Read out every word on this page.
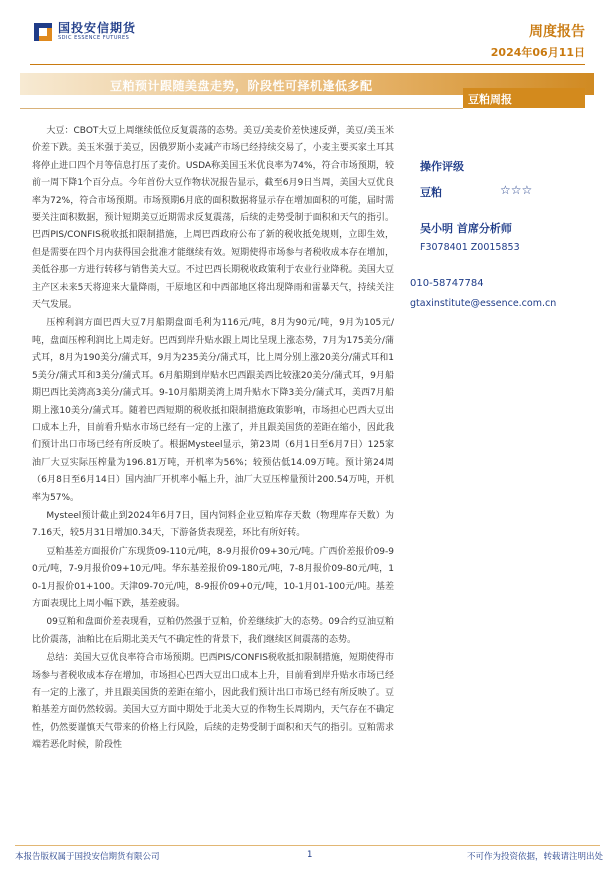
国投安信期货
SDIC ESSENCE FUTURES	周度报告
2024年06月11日
豆粕预计跟随美盘走势，阶段性可择机逢低多配
豆粕周报

大豆：CBOT大豆上周继续低位反复震荡的态势。美豆/美麦价差快速反弹，美豆/美玉米价差下跌。美玉米强于美豆，因俄罗斯小麦减产市场已经持续交易了，小麦主要买家土耳其将停止进口四个月等信息打压了麦价。USDA称美国玉米优良率为74%，符合市场预期，较前一周下降1个百分点。今年首份大豆作物状况报告显示，截至6月9日当周，美国大豆优良率为72%，符合市场预期。市场预期6月底的面积数据将显示存在增加面积的可能，届时需要关注面积数据，预计短期美豆近期需求反复震荡，后续的走势受制于面积和天气的指引。巴西PIS/CONFIS税收抵扣限制措施，上周巴西政府公布了新的税收抵免规则，立即生效，但是需要在四个月内获得国会批准才能继续有效。短期使得市场参与者税收成本存在增加，美低谷那一方进行转移与销售美大豆。不过巴西长期税收政策利于农业行业降税。美国大豆主产区未来5天将迎来大量降雨，干原地区和中西部地区将出现降雨和雷暴天气，持续关注天气发展。

压榨利润方面巴西大豆7月船期盘面毛利为116元/吨，8月为90元/吨，9月为105元/吨，盘面压榨利润比上周走好。巴西到岸升贴水跟上周比呈现上涨态势，7月为175美分/蒲式耳，8月为190美分/蒲式耳，9月为235美分/蒲式耳，比上周分别上涨20美分/蒲式耳和15美分/蒲式耳和3美分/蒲式耳。6月船期到岸贴水巴西跟美西比较涨20美分/蒲式耳，9月船期巴西比美湾高3美分/蒲式耳。9-10月船期美湾上周升贴水下降3美分/蒲式耳，美西7月船期上涨10美分/蒲式耳。随着巴西短期的税收抵扣限制措施政策影响，市场担心巴西大豆出口成本上升，目前看升贴水市场已经有一定的上涨了，并且跟美国货的差距在缩小，因此我们预计出口市场已经有所反映了。根据Mysteel显示，第23周（6月1日至6月7日）125家油厂大豆实际压榨量为196.81万吨，开机率为56%；较预估低14.09万吨。预计第24周（6月8日至6月14日）国内油厂开机率小幅上升，油厂大豆压榨量预计200.54万吨，开机率为57%。

Mysteel预计截止到2024年6月7日，国内饲料企业豆粕库存天数（物理库存天数）为7.16天，较5月31日增加0.34天，下游备货表现差，环比有所好转。

豆粕基差方面报价广东现货09-110元/吨，8-9月报价09+30元/吨。广西价差报价09-90元/吨，7-9月报价09+10元/吨。华东基差报价09-180元/吨，7-8月报价09-80元/吨，10-1月报价01+100。天津09-70元/吨，8-9报价09+0元/吨，10-1月01-100元/吨。基差方面表现比上周小幅下跌，基差疲弱。

09豆粕和盘面价差表现看，豆粕仍然强于豆粕，价差继续扩大的态势。09合约豆油豆粕比价震荡，油粕比在后期北美天气不确定性的背景下，我们继续区间震荡的态势。

总结：美国大豆优良率符合市场预期。巴西PIS/CONFIS税收抵扣限制措施，短期使得市场参与者税收成本存在增加，市场担心巴西大豆出口成本上升，目前看到岸升贴水市场已经有一定的上涨了，并且跟美国货的差距在缩小，因此我们预计出口市场已经有所反映了。豆粕基差方面仍然较弱。美国大豆方面中期处于北美大豆的作物生长周期内，天气存在不确定性，仍然要谨慎天气带来的价格上行风险，后续的走势受制于面积和天气的指引。豆粕需求端若恶化时候，阶段性

操作评级
豆粕	☆☆☆
吴小明 首席分析师
F3078401 Z0015853
010-58747784
gtaxinstitute@essence.com.cn
本报告版权属于国投安信期货有限公司	1	不可作为投资依据，转载请注明出处
